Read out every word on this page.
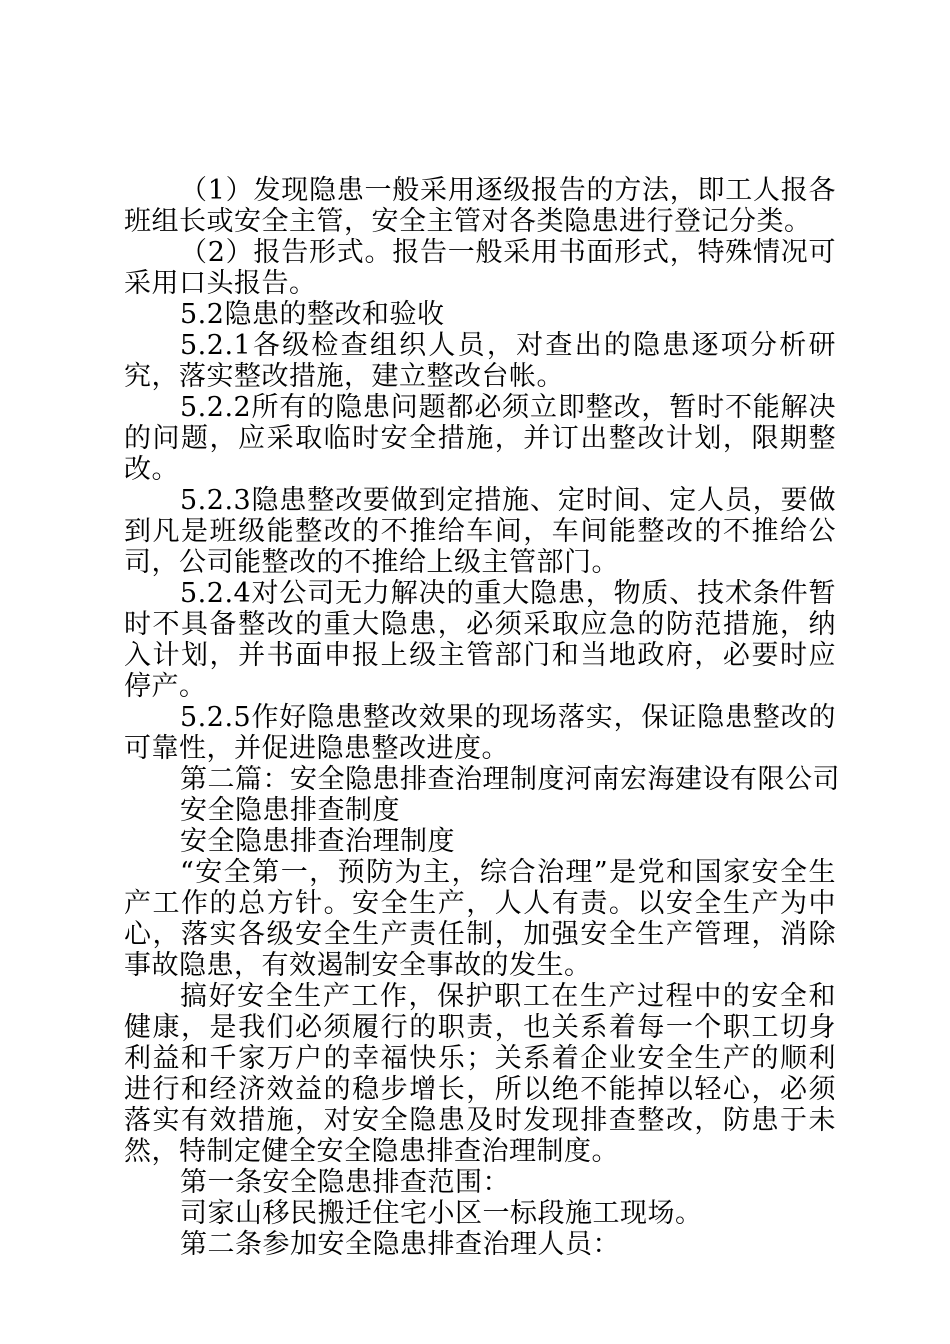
（1）发现隐患一般采用逐级报告的方法，即工人报各班组长或安全主管，安全主管对各类隐患进行登记分类。

（2）报告形式。报告一般采用书面形式，特殊情况可采用口头报告。

5.2隐患的整改和验收

5.2.1各级检查组织人员，对查出的隐患逐项分析研究，落实整改措施，建立整改台帐。

5.2.2所有的隐患问题都必须立即整改，暂时不能解决的问题，应采取临时安全措施，并订出整改计划，限期整改。

5.2.3隐患整改要做到定措施、定时间、定人员，要做到凡是班级能整改的不推给车间，车间能整改的不推给公司，公司能整改的不推给上级主管部门。

5.2.4对公司无力解决的重大隐患，物质、技术条件暂时不具备整改的重大隐患，必须采取应急的防范措施，纳入计划，并书面申报上级主管部门和当地政府，必要时应停产。

5.2.5作好隐患整改效果的现场落实，保证隐患整改的可靠性，并促进隐患整改进度。

第二篇：安全隐患排查治理制度河南宏海建设有限公司

安全隐患排查制度

安全隐患排查治理制度

“安全第一，预防为主，综合治理”是党和国家安全生产工作的总方针。安全生产，人人有责。以安全生产为中心，落实各级安全生产责任制，加强安全生产管理，消除事故隐患，有效遏制安全事故的发生。

搞好安全生产工作，保护职工在生产过程中的安全和健康，是我们必须履行的职责，也关系着每一个职工切身利益和千家万户的幸福快乐；关系着企业安全生产的顺利进行和经济效益的稳步增长，所以绝不能掉以轻心，必须落实有效措施，对安全隐患及时发现排查整改，防患于未然，特制定健全安全隐患排查治理制度。

第一条安全隐患排查范围：

司家山移民搬迁住宅小区一标段施工现场。

第二条参加安全隐患排查治理人员：
